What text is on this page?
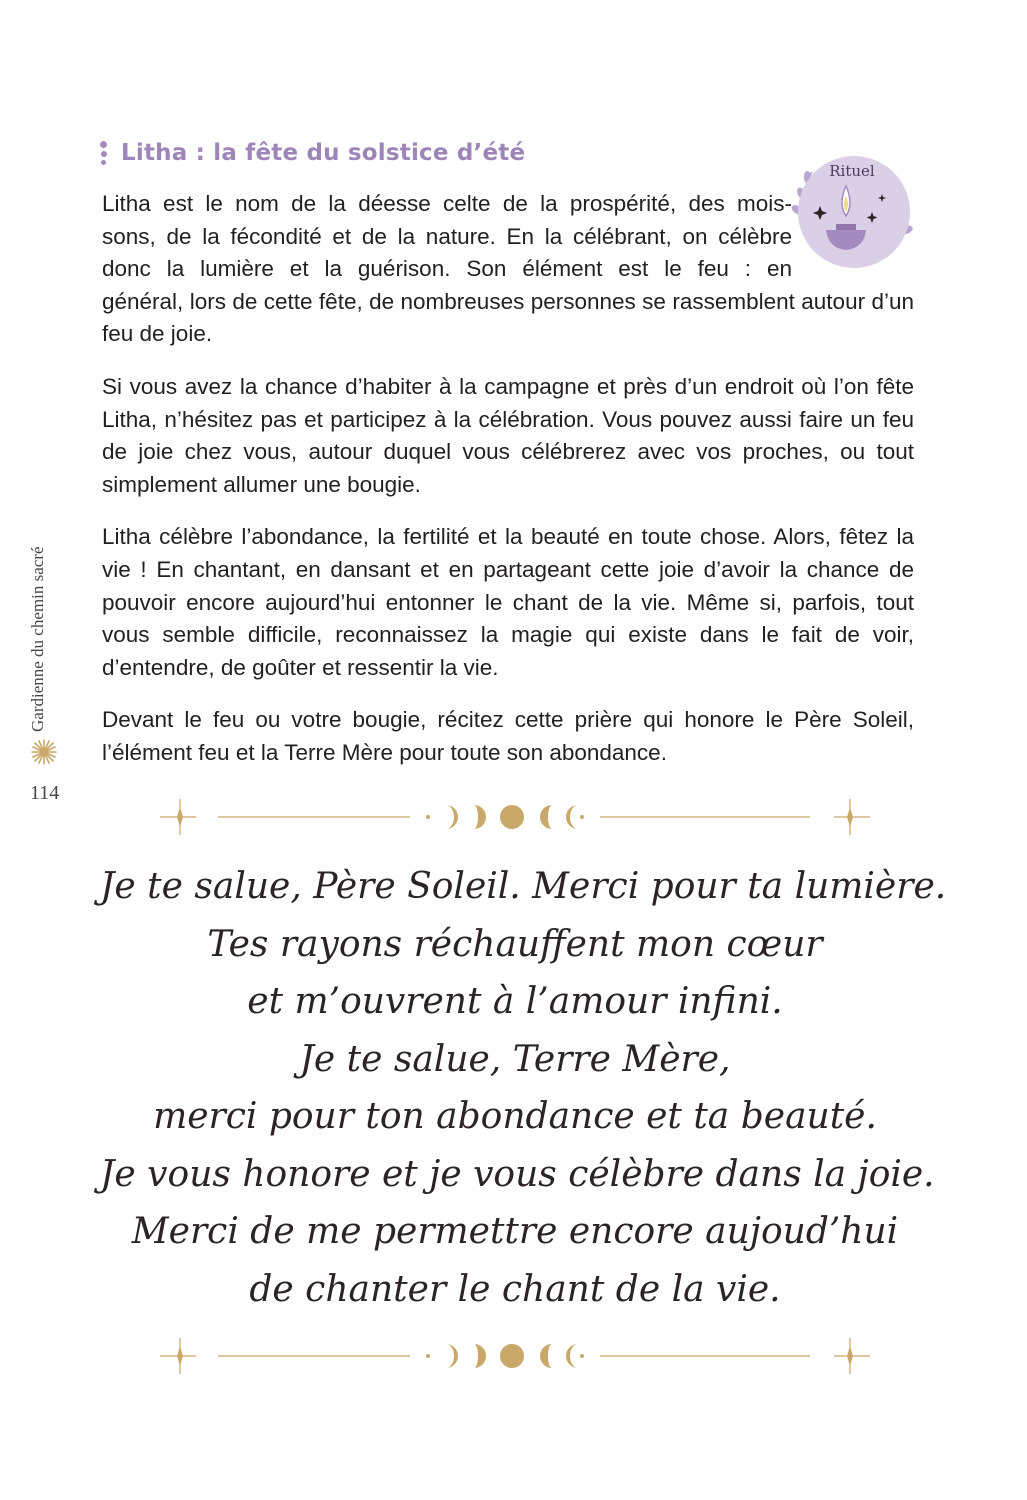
Litha : la fête du solstice d’été
Rituel

Litha est le nom de la déesse celte de la prospérité, des mois-
sons, de la fécondité et de la nature. En la célébrant, on célèbre
donc la lumière et la guérison. Son élément est le feu : en
général, lors de cette fête, de nombreuses personnes se rassemblent autour d’un feu de joie.

Si vous avez la chance d’habiter à la campagne et près d’un endroit où l’on fête Litha, n’hésitez pas et participez à la célébration. Vous pouvez aussi faire un feu de joie chez vous, autour duquel vous célébrerez avec vos proches, ou tout simplement allumer une bougie.

Litha célèbre l’abondance, la fertilité et la beauté en toute chose. Alors, fêtez la vie ! En chantant, en dansant et en partageant cette joie d’avoir la chance de pouvoir encore aujourd’hui entonner le chant de la vie. Même si, parfois, tout vous semble difficile, reconnaissez la magie qui existe dans le fait de voir, d’entendre, de goûter et ressentir la vie.

Devant le feu ou votre bougie, récitez cette prière qui honore le Père Soleil, l’élément feu et la Terre Mère pour toute son abondance.

Gardienne du chemin sacré
114
Je te salue, Père Soleil. Merci pour ta lumière.
Tes rayons réchauffent mon cœur
et m’ouvrent à l’amour infini.
Je te salue, Terre Mère,
merci pour ton abondance et ta beauté.
Je vous honore et je vous célèbre dans la joie.
Merci de me permettre encore aujoud’hui
de chanter le chant de la vie.
